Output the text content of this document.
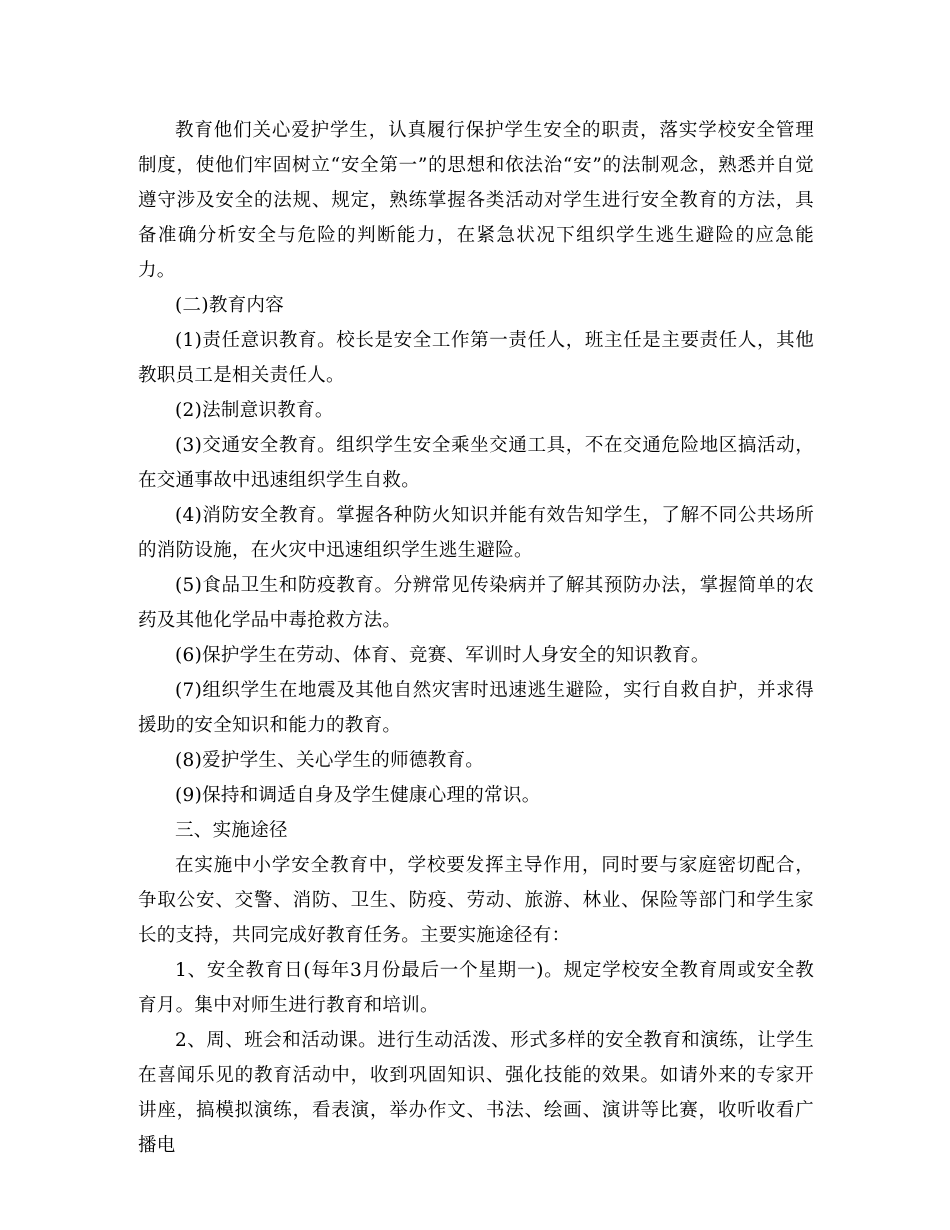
教育他们关心爱护学生，认真履行保护学生安全的职责，落实学校安全管理制度，使他们牢固树立“安全第一”的思想和依法治“安”的法制观念，熟悉并自觉遵守涉及安全的法规、规定，熟练掌握各类活动对学生进行安全教育的方法，具备准确分析安全与危险的判断能力，在紧急状况下组织学生逃生避险的应急能力。

(二)教育内容

(1)责任意识教育。校长是安全工作第一责任人，班主任是主要责任人，其他教职员工是相关责任人。

(2)法制意识教育。

(3)交通安全教育。组织学生安全乘坐交通工具，不在交通危险地区搞活动，在交通事故中迅速组织学生自救。

(4)消防安全教育。掌握各种防火知识并能有效告知学生，了解不同公共场所的消防设施，在火灾中迅速组织学生逃生避险。

(5)食品卫生和防疫教育。分辨常见传染病并了解其预防办法，掌握简单的农药及其他化学品中毒抢救方法。

(6)保护学生在劳动、体育、竞赛、军训时人身安全的知识教育。

(7)组织学生在地震及其他自然灾害时迅速逃生避险，实行自救自护，并求得援助的安全知识和能力的教育。

(8)爱护学生、关心学生的师德教育。

(9)保持和调适自身及学生健康心理的常识。

三、实施途径

在实施中小学安全教育中，学校要发挥主导作用，同时要与家庭密切配合，争取公安、交警、消防、卫生、防疫、劳动、旅游、林业、保险等部门和学生家长的支持，共同完成好教育任务。主要实施途径有：

1、安全教育日(每年3月份最后一个星期一)。规定学校安全教育周或安全教育月。集中对师生进行教育和培训。

2、周、班会和活动课。进行生动活泼、形式多样的安全教育和演练，让学生在喜闻乐见的教育活动中，收到巩固知识、强化技能的效果。如请外来的专家开讲座，搞模拟演练，看表演，举办作文、书法、绘画、演讲等比赛，收听收看广播电
